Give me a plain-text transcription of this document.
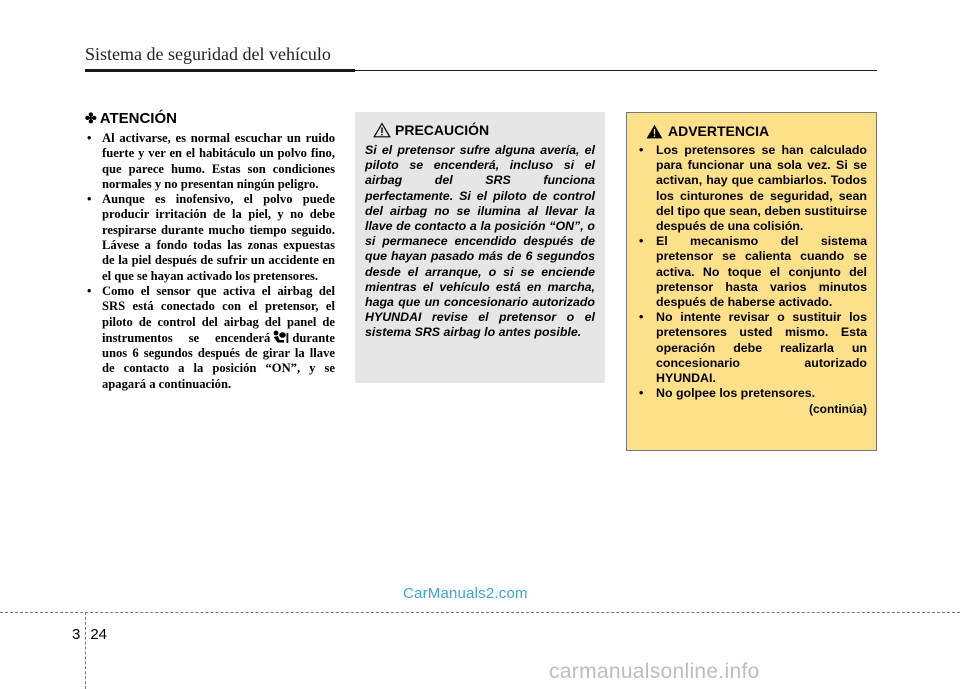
Sistema de seguridad del vehículo
✤ ATENCIÓN
• Al activarse, es normal escuchar un ruido fuerte y ver en el habitáculo un polvo fino, que parece humo. Estas son condiciones normales y no presentan ningún peligro.
• Aunque es inofensivo, el polvo puede producir irritación de la piel, y no debe respirarse durante mucho tiempo seguido. Lávese a fondo todas las zonas expuestas de la piel después de sufrir un accidente en el que se hayan activado los pretensores.
• Como el sensor que activa el airbag del SRS está conectado con el pretensor, el piloto de control del airbag del panel de instrumentos se encenderá durante unos 6 segundos después de girar la llave de contacto a la posición “ON”, y se apagará a continuación.
PRECAUCIÓN

Si el pretensor sufre alguna avería, el piloto se encenderá, incluso si el airbag del SRS funciona perfectamente. Si el piloto de control del airbag no se ilumina al llevar la llave de contacto a la posición “ON”, o si permanece encendido después de que hayan pasado más de 6 segundos desde el arranque, o si se enciende mientras el vehículo está en marcha, haga que un concesionario autorizado HYUNDAI revise el pretensor o el sistema SRS airbag lo antes posible.

ADVERTENCIA
• Los pretensores se han calculado para funcionar una sola vez. Si se activan, hay que cambiarlos. Todos los cinturones de seguridad, sean del tipo que sean, deben sustituirse después de una colisión.
• El mecanismo del sistema pretensor se calienta cuando se activa. No toque el conjunto del pretensor hasta varios minutos después de haberse activado.
• No intente revisar o sustituir los pretensores usted mismo. Esta operación debe realizarla un concesionario autorizado HYUNDAI.
• No golpee los pretensores.
(continúa)
CarManuals2.com
3 24
carmanualsonline.info
